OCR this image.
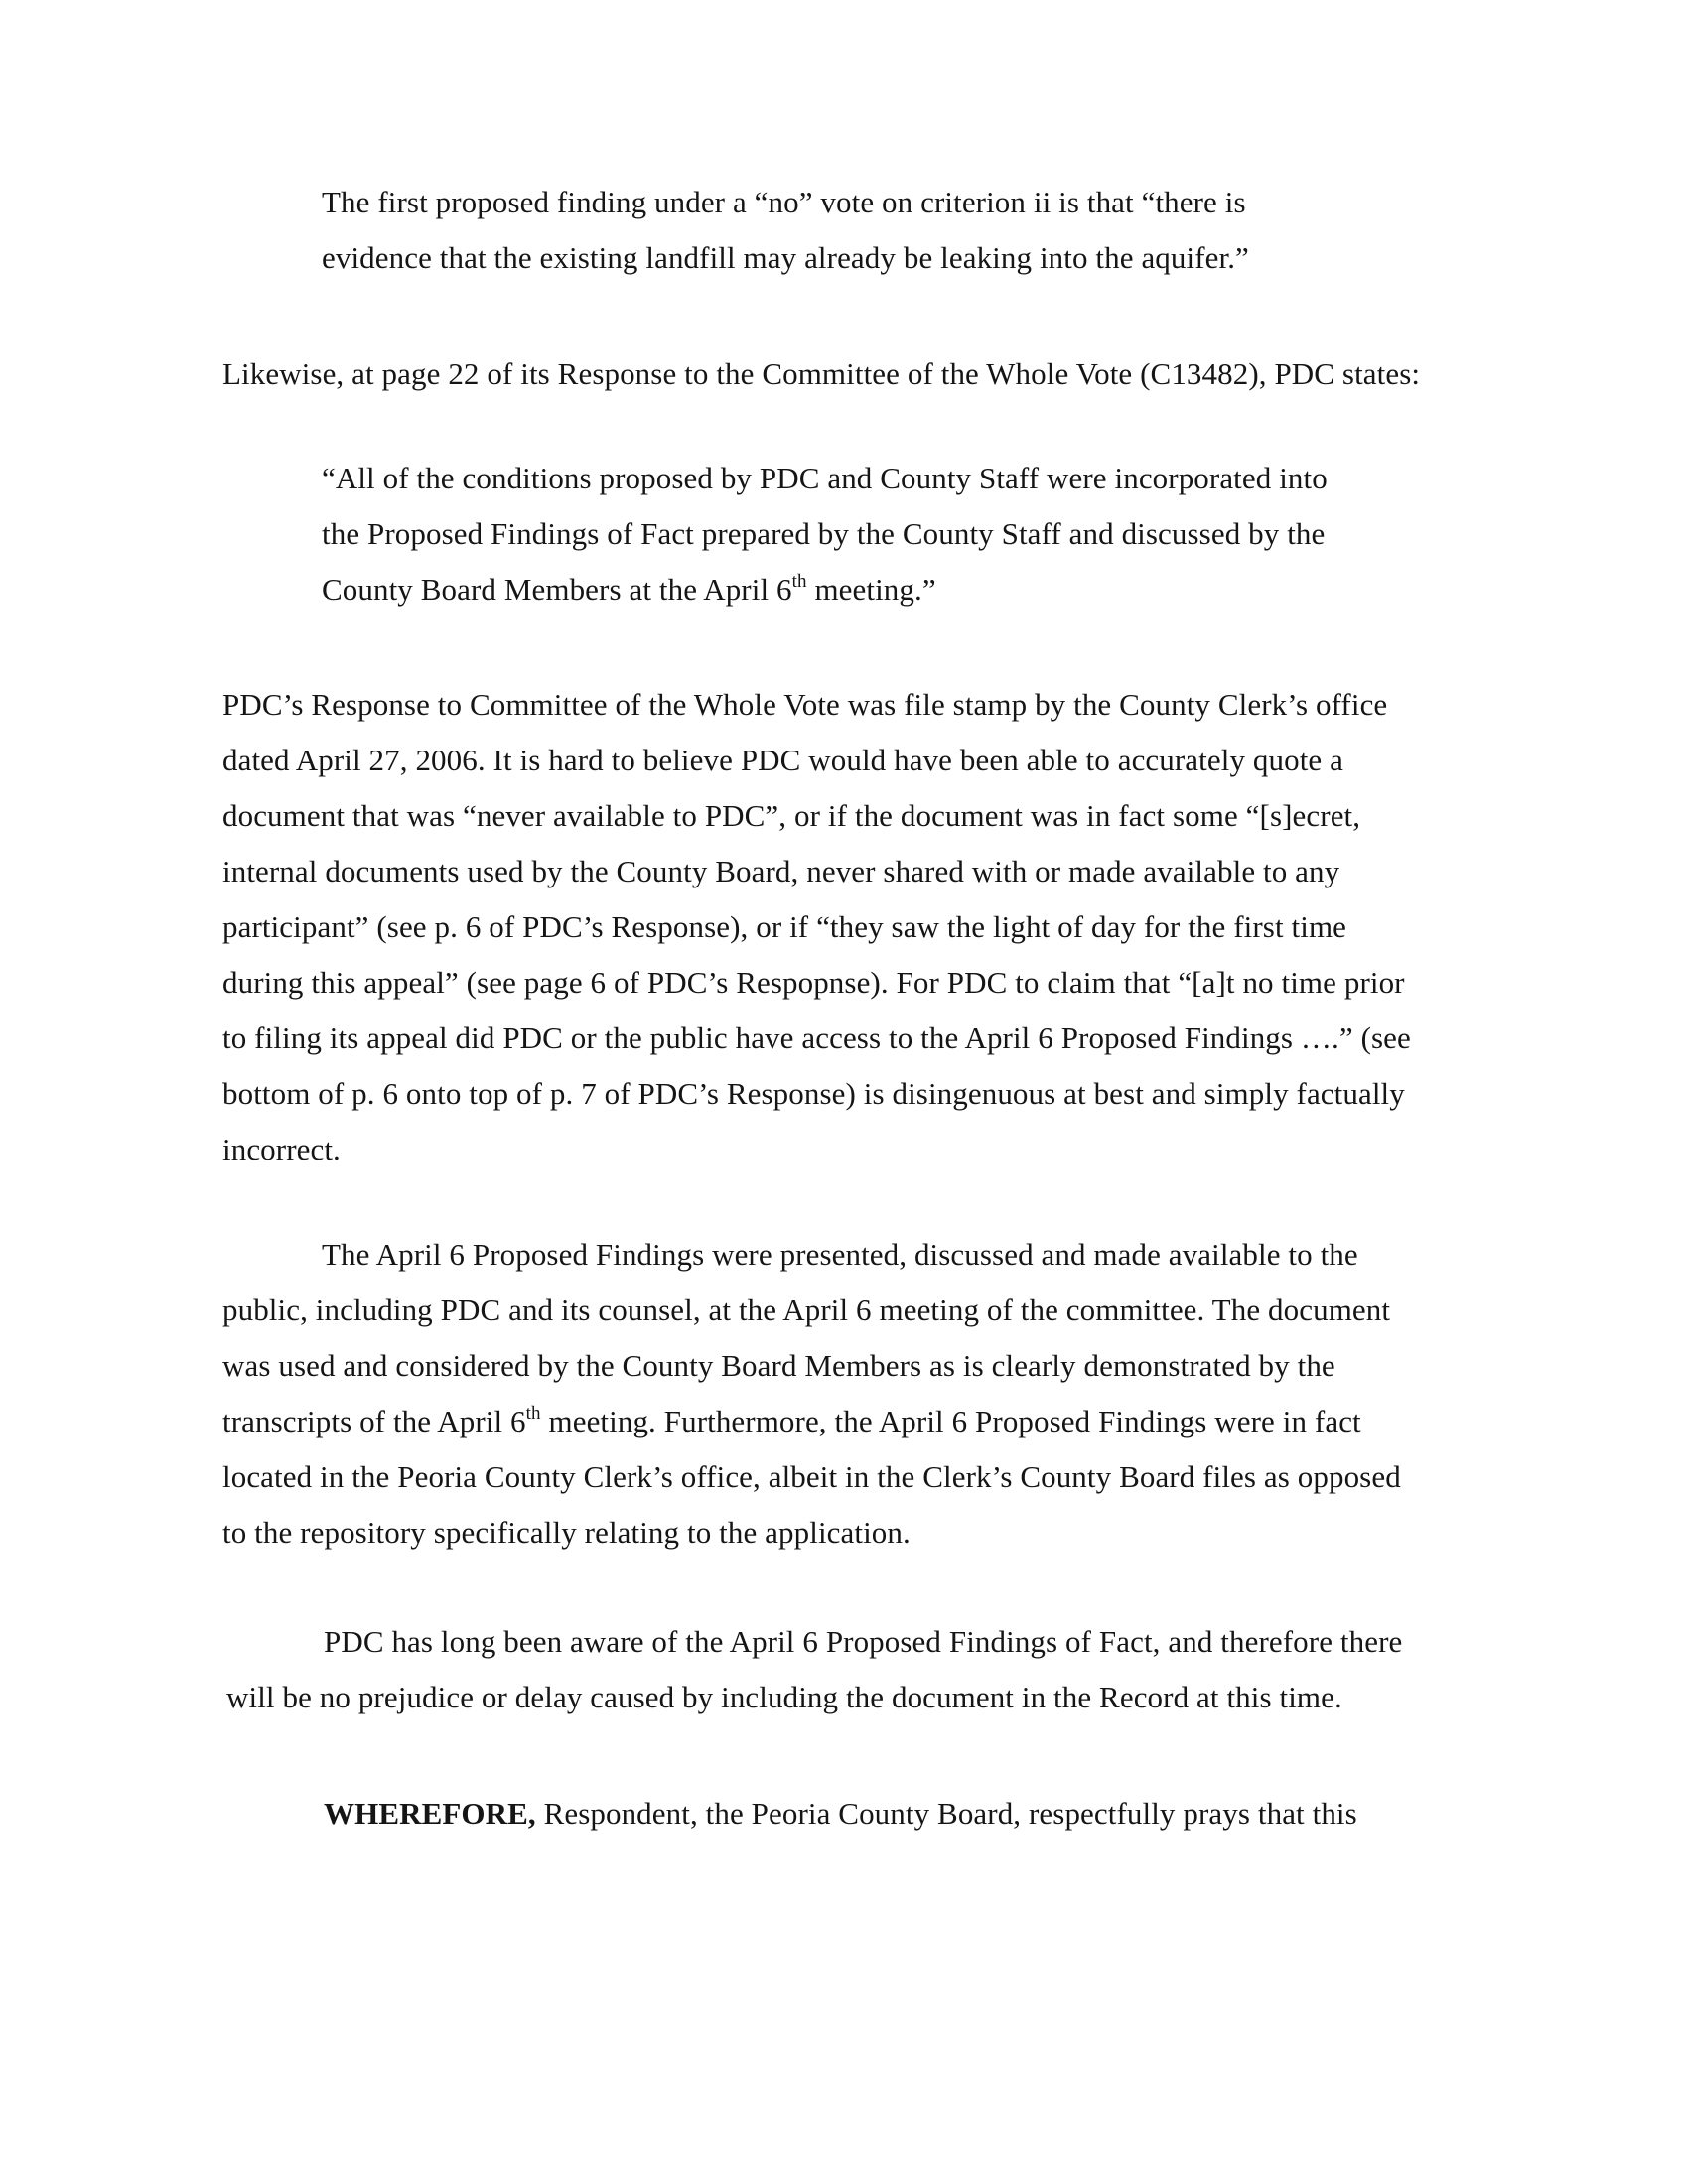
The first proposed finding under a “no” vote on criterion ii is that “there is
evidence that the existing landfill may already be leaking into the aquifer.”
Likewise, at page 22 of its Response to the Committee of the Whole Vote (C13482), PDC states:
“All of the conditions proposed by PDC and County Staff were incorporated into
the Proposed Findings of Fact prepared by the County Staff and discussed by the
County Board Members at the April 6th meeting.”
PDC’s Response to Committee of the Whole Vote was file stamp by the County Clerk’s office
dated April 27, 2006. It is hard to believe PDC would have been able to accurately quote a
document that was “never available to PDC”, or if the document was in fact some “[s]ecret,
internal documents used by the County Board, never shared with or made available to any
participant” (see p. 6 of PDC’s Response), or if “they saw the light of day for the first time
during this appeal” (see page 6 of PDC’s Respopnse). For PDC to claim that “[a]t no time prior
to filing its appeal did PDC or the public have access to the April 6 Proposed Findings ….” (see
bottom of p. 6 onto top of p. 7 of PDC’s Response) is disingenuous at best and simply factually
incorrect.
The April 6 Proposed Findings were presented, discussed and made available to the
public, including PDC and its counsel, at the April 6 meeting of the committee. The document
was used and considered by the County Board Members as is clearly demonstrated by the
transcripts of the April 6th meeting. Furthermore, the April 6 Proposed Findings were in fact
located in the Peoria County Clerk’s office, albeit in the Clerk’s County Board files as opposed
to the repository specifically relating to the application.
PDC has long been aware of the April 6 Proposed Findings of Fact, and therefore there
will be no prejudice or delay caused by including the document in the Record at this time.
WHEREFORE, Respondent, the Peoria County Board, respectfully prays that this
